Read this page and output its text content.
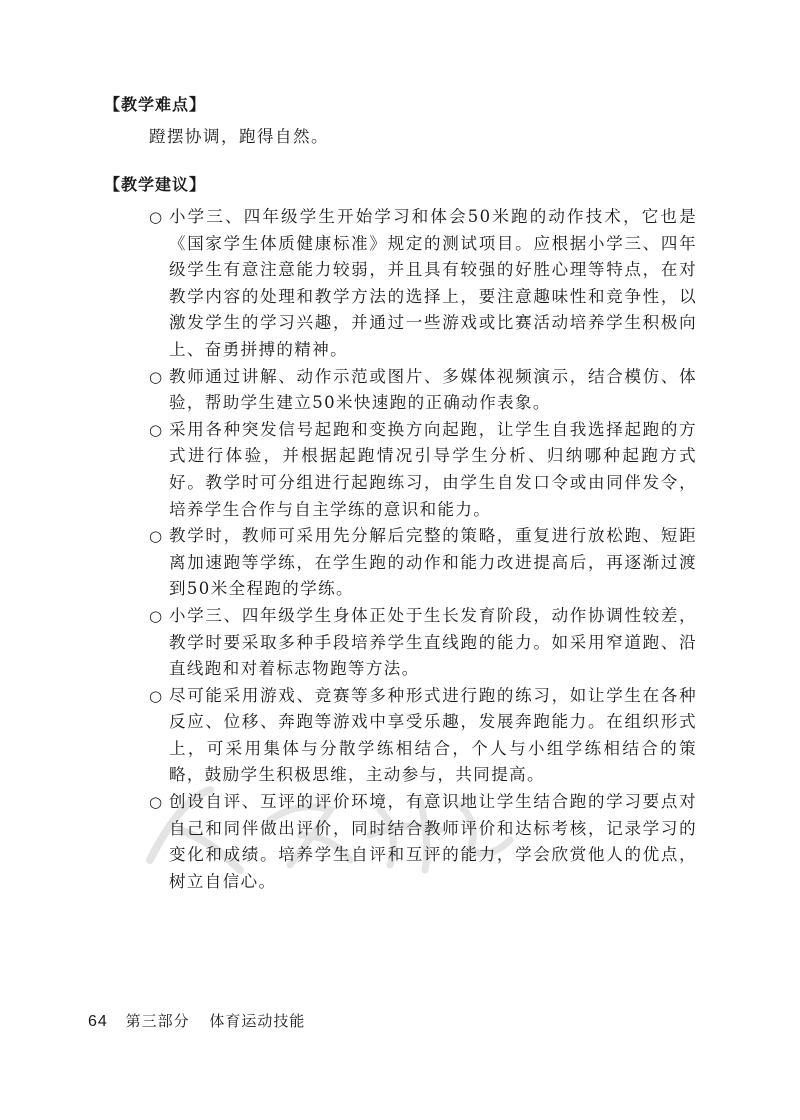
【教学难点】
蹬摆协调，跑得自然。
【教学建议】
○ 小学三、四年级学生开始学习和体会50米跑的动作技术，它也是《国家学生体质健康标准》规定的测试项目。应根据小学三、四年级学生有意注意能力较弱，并且具有较强的好胜心理等特点，在对教学内容的处理和教学方法的选择上，要注意趣味性和竞争性，以激发学生的学习兴趣，并通过一些游戏或比赛活动培养学生积极向上、奋勇拼搏的精神。
○ 教师通过讲解、动作示范或图片、多媒体视频演示，结合模仿、体验，帮助学生建立50米快速跑的正确动作表象。
○ 采用各种突发信号起跑和变换方向起跑，让学生自我选择起跑的方式进行体验，并根据起跑情况引导学生分析、归纳哪种起跑方式好。教学时可分组进行起跑练习，由学生自发口令或由同伴发令，培养学生合作与自主学练的意识和能力。
○ 教学时，教师可采用先分解后完整的策略，重复进行放松跑、短距离加速跑等学练，在学生跑的动作和能力改进提高后，再逐渐过渡到50米全程跑的学练。
○ 小学三、四年级学生身体正处于生长发育阶段，动作协调性较差，教学时要采取多种手段培养学生直线跑的能力。如采用窄道跑、沿直线跑和对着标志物跑等方法。
○ 尽可能采用游戏、竞赛等多种形式进行跑的练习，如让学生在各种反应、位移、奔跑等游戏中享受乐趣，发展奔跑能力。在组织形式上，可采用集体与分散学练相结合，个人与小组学练相结合的策略，鼓励学生积极思维，主动参与，共同提高。
○ 创设自评、互评的评价环境，有意识地让学生结合跑的学习要点对自己和同伴做出评价，同时结合教师评价和达标考核，记录学习的变化和成绩。培养学生自评和互评的能力，学会欣赏他人的优点，树立自信心。
64 第三部分 体育运动技能
